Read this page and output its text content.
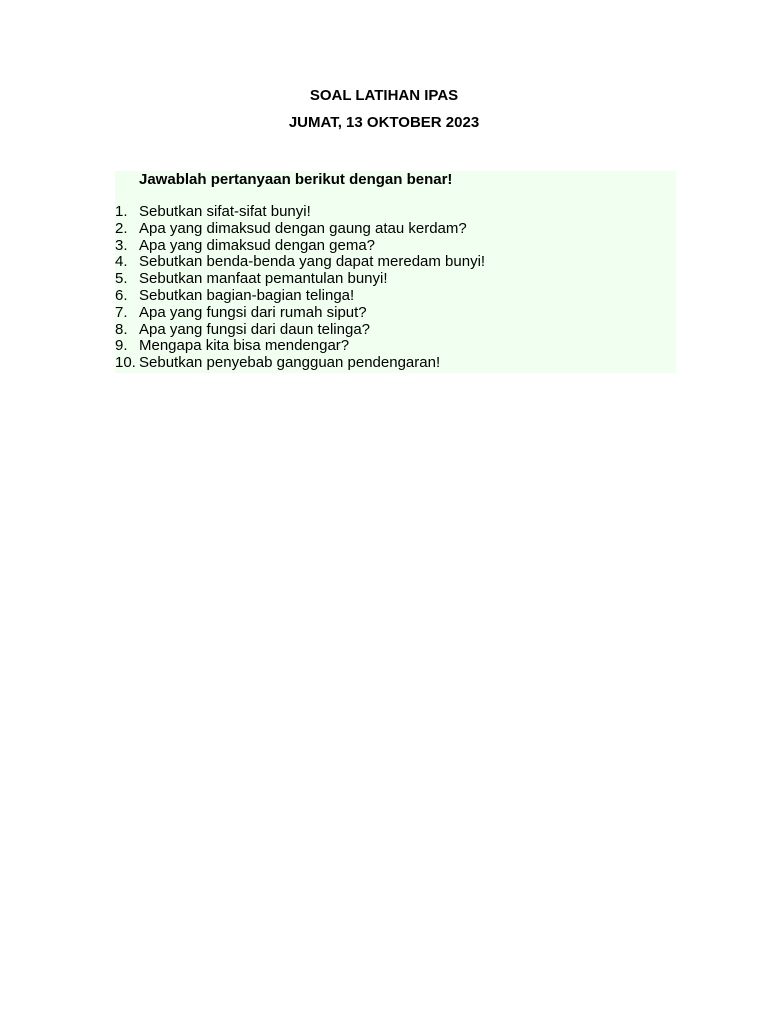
SOAL LATIHAN IPAS
JUMAT, 13 OKTOBER 2023
Jawablah pertanyaan berikut dengan benar!
1. Sebutkan sifat-sifat bunyi!
2. Apa yang dimaksud dengan gaung atau kerdam?
3. Apa yang dimaksud dengan gema?
4. Sebutkan benda-benda yang dapat meredam bunyi!
5. Sebutkan manfaat pemantulan bunyi!
6. Sebutkan bagian-bagian telinga!
7. Apa yang fungsi dari rumah siput?
8. Apa yang fungsi dari daun telinga?
9. Mengapa kita bisa mendengar?
10. Sebutkan penyebab gangguan pendengaran!
